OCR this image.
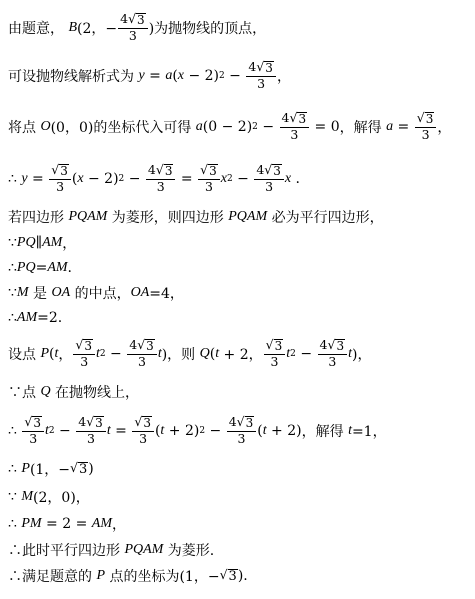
由题意，
B (2，− $\frac{4 √ 3}{3}$ )为抛物线的顶点，
可设抛物线解析式为
y = a ( x − 2) $2 - \frac{4 √ 3}{3}$ ，
将点
O (0，0)的坐标代入可得
a (0 − 2) $2 - \frac{4 √ 3}{3} = 0$ ，解得
$a = \frac{√ 3}{3}$ ，
∴
$y = \frac{√ 3}{3}$ ( x − 2) $2 - \frac{4 √ 3}{3} = \frac{√ 3}{3}$ x $2 - \frac{4 √ 3}{3}$ x .
若四边形
PQAM
为菱形，则四边形
PQAM
必为平行四边形，
∵ PQ ∥ AM ，
∴ PQ = AM .
∵ M
是
OA
的中点， OA =4，
∴ AM =2.
设点
P ( t ， $\frac{√ 3}{3}$ t $2 - \frac{4 √ 3}{3}$ t )，则
Q ( t + 2， $\frac{√ 3}{3}$ t $2 - \frac{4 √ 3}{3}$ t )，
∵点
Q
在抛物线上，
∴
$\frac{√ 3}{3}$ t $2 - \frac{4 √ 3}{3}$ $t = \frac{√ 3}{3}$ ( t + 2) $2 - \frac{4 √ 3}{3}$ ( t + 2) ，解得
t =1，
∴
P (1，− √ 3 )
∵
M (2，0)，
∴
PM = 2 = AM ，
∴此时平行四边形
PQAM
为菱形.
∴满足题意的
P
点的坐标为(1，− √ 3 ).
